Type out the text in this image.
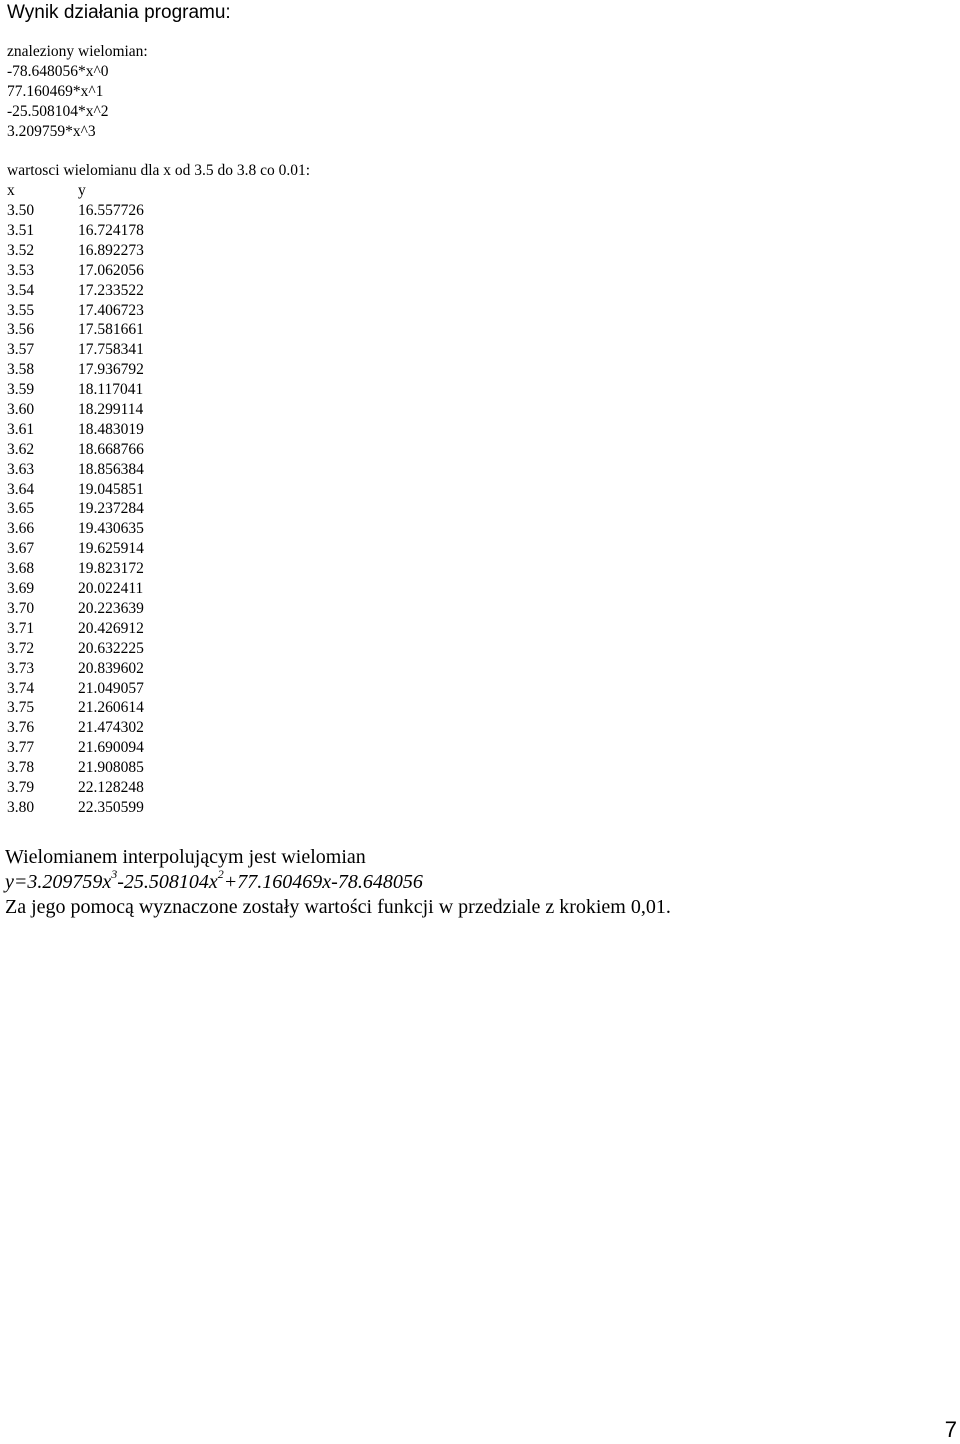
Wynik działania programu:
znaleziony wielomian:
-78.648056*x^0
77.160469*x^1
-25.508104*x^2
3.209759*x^3
wartosci wielomianu dla x od 3.5 do 3.8 co 0.01:
x	y
3.50	16.557726
3.51	16.724178
3.52	16.892273
3.53	17.062056
3.54	17.233522
3.55	17.406723
3.56	17.581661
3.57	17.758341
3.58	17.936792
3.59	18.117041
3.60	18.299114
3.61	18.483019
3.62	18.668766
3.63	18.856384
3.64	19.045851
3.65	19.237284
3.66	19.430635
3.67	19.625914
3.68	19.823172
3.69	20.022411
3.70	20.223639
3.71	20.426912
3.72	20.632225
3.73	20.839602
3.74	21.049057
3.75	21.260614
3.76	21.474302
3.77	21.690094
3.78	21.908085
3.79	22.128248
3.80	22.350599
Wielomianem interpolującym jest wielomian
$y=3.209759x^3-25.508104x^2+77.160469x-78.648056$
Za jego pomocą wyznaczone zostały wartości funkcji w przedziale z krokiem 0,01.
7
